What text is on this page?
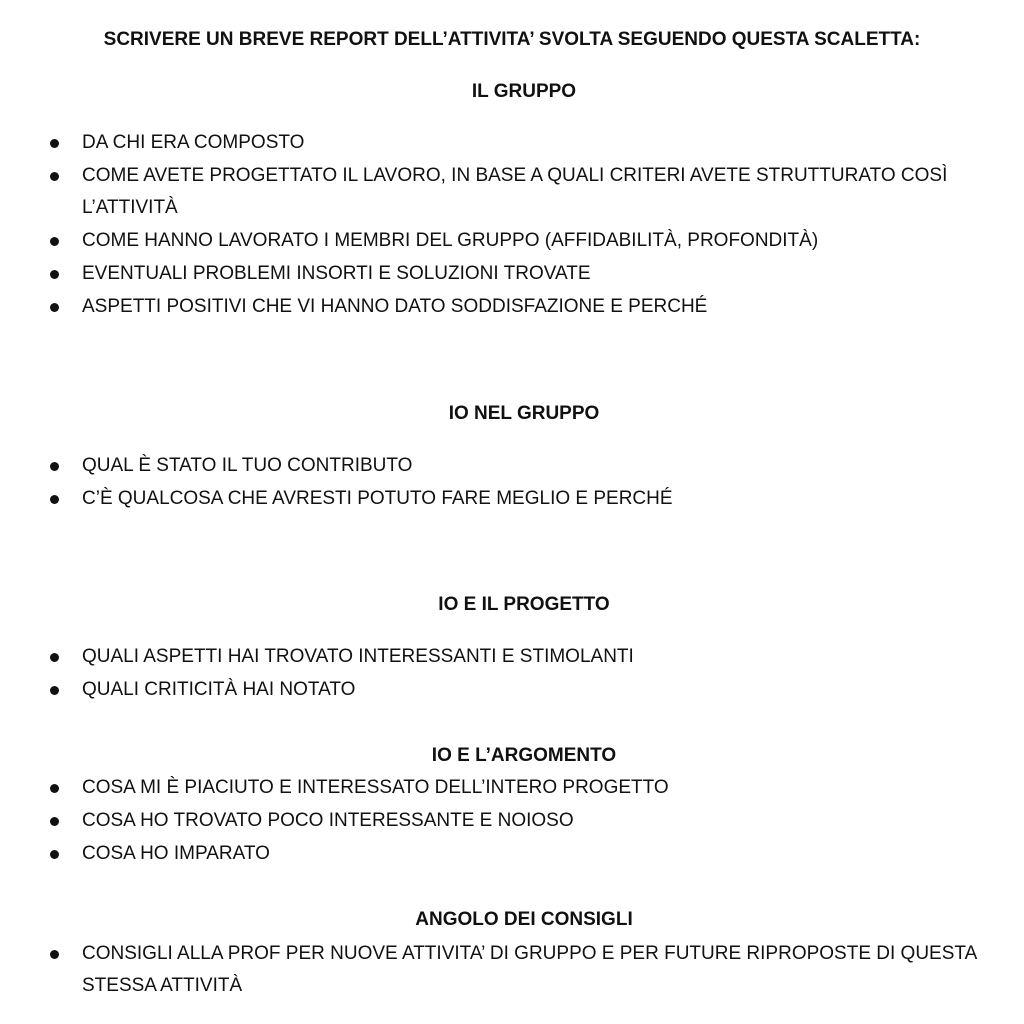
SCRIVERE UN BREVE REPORT DELL’ATTIVITA’ SVOLTA SEGUENDO QUESTA SCALETTA:
IL GRUPPO
DA CHI ERA COMPOSTO
COME AVETE PROGETTATO IL LAVORO, IN BASE A QUALI CRITERI AVETE STRUTTURATO COSÌ L’ATTIVITÀ
COME HANNO LAVORATO I MEMBRI DEL GRUPPO (AFFIDABILITÀ, PROFONDITÀ)
EVENTUALI PROBLEMI INSORTI E SOLUZIONI TROVATE
ASPETTI POSITIVI CHE VI HANNO DATO SODDISFAZIONE E PERCHÉ
IO NEL GRUPPO
QUAL È STATO IL TUO CONTRIBUTO
C’È QUALCOSA CHE AVRESTI POTUTO FARE MEGLIO E PERCHÉ
IO E IL PROGETTO
QUALI ASPETTI HAI TROVATO INTERESSANTI E STIMOLANTI
QUALI CRITICITÀ HAI NOTATO
IO E L’ARGOMENTO
COSA MI È PIACIUTO E INTERESSATO DELL’INTERO PROGETTO
COSA HO TROVATO POCO INTERESSANTE E NOIOSO
COSA HO IMPARATO
ANGOLO DEI CONSIGLI
CONSIGLI ALLA PROF PER NUOVE ATTIVITA’ DI GRUPPO E PER FUTURE RIPROPOSTE DI QUESTA STESSA ATTIVITÀ
